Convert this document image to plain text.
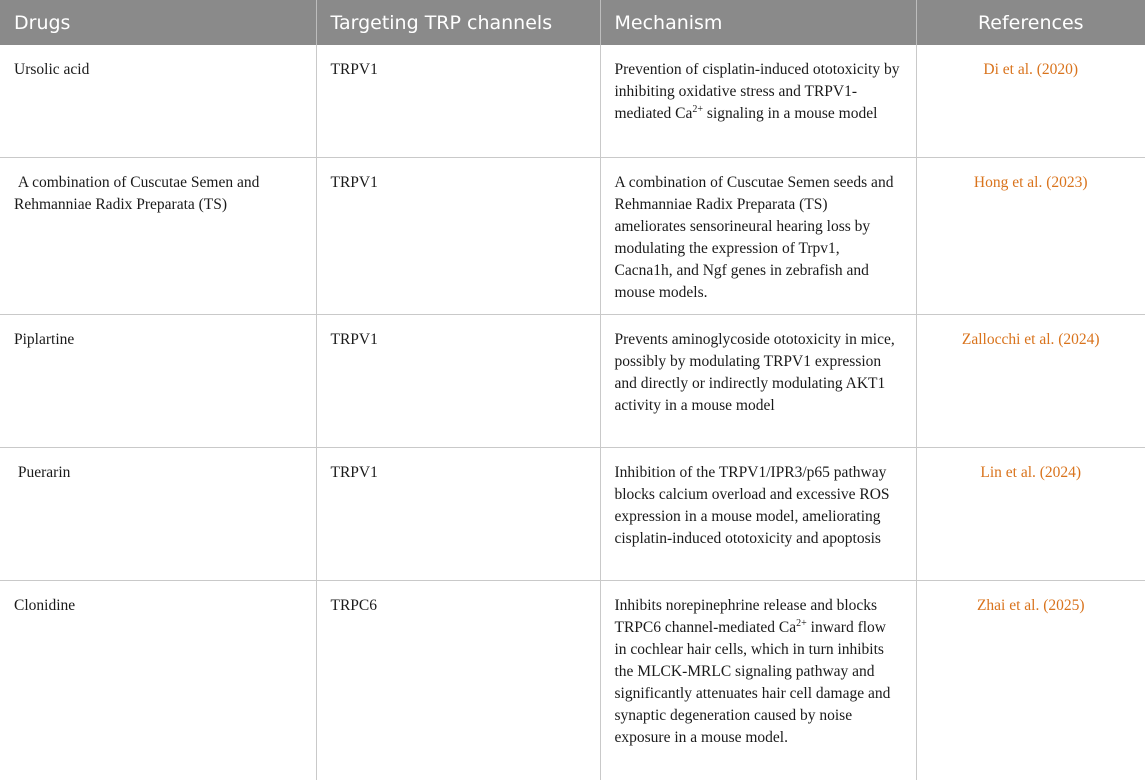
Drugs	Targeting TRP channels	Mechanism	References
Ursolic acid	TRPV1	Prevention of cisplatin-induced ototoxicity by inhibiting oxidative stress and TRPV1-mediated $Ca^{2+}$ signaling in a mouse model	Di et al. (2020)
A combination of Cuscutae Semen and Rehmanniae Radix Preparata (TS)	TRPV1	A combination of Cuscutae Semen seeds and Rehmanniae Radix Preparata (TS) ameliorates sensorineural hearing loss by modulating the expression of Trpv1, Cacna1h, and Ngf genes in zebrafish and mouse models.	Hong et al. (2023)
Piplartine	TRPV1	Prevents aminoglycoside ototoxicity in mice, possibly by modulating TRPV1 expression and directly or indirectly modulating AKT1 activity in a mouse model	Zallocchi et al. (2024)
Puerarin	TRPV1	Inhibition of the TRPV1/IPR3/p65 pathway blocks calcium overload and excessive ROS expression in a mouse model, ameliorating cisplatin-induced ototoxicity and apoptosis	Lin et al. (2024)
Clonidine	TRPC6	Inhibits norepinephrine release and blocks TRPC6 channel-mediated $Ca^{2+}$ inward flow in cochlear hair cells, which in turn inhibits the MLCK-MRLC signaling pathway and significantly attenuates hair cell damage and synaptic degeneration caused by noise exposure in a mouse model.	Zhai et al. (2025)
